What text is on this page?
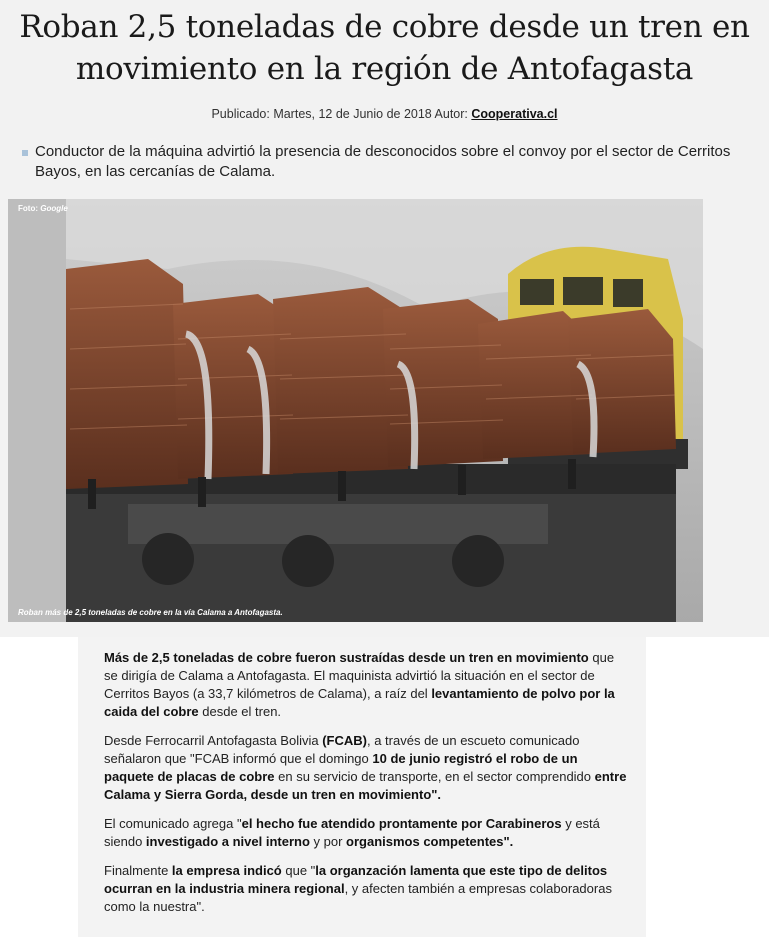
Roban 2,5 toneladas de cobre desde un tren en movimiento en la región de Antofagasta
Publicado: Martes, 12 de Junio de 2018 Autor: Cooperativa.cl
Conductor de la máquina advirtió la presencia de desconocidos sobre el convoy por el sector de Cerritos Bayos, en las cercanías de Calama.
Foto: Google
Roban más de 2,5 toneladas de cobre en la vía Calama a Antofagasta.

Más de 2,5 toneladas de cobre fueron sustraídas desde un tren en movimiento que se dirigía de Calama a Antofagasta. El maquinista advirtió la situación en el sector de Cerritos Bayos (a 33,7 kilómetros de Calama), a raíz del levantamiento de polvo por la caida del cobre desde el tren.

Desde Ferrocarril Antofagasta Bolivia (FCAB), a través de un escueto comunicado señalaron que "FCAB informó que el domingo 10 de junio registró el robo de un paquete de placas de cobre en su servicio de transporte, en el sector comprendido entre Calama y Sierra Gorda, desde un tren en movimiento".

El comunicado agrega "el hecho fue atendido prontamente por Carabineros y está siendo investigado a nivel interno y por organismos competentes".

Finalmente la empresa indicó que "la organzación lamenta que este tipo de delitos ocurran en la industria minera regional, y afecten también a empresas colaboradoras como la nuestra".
